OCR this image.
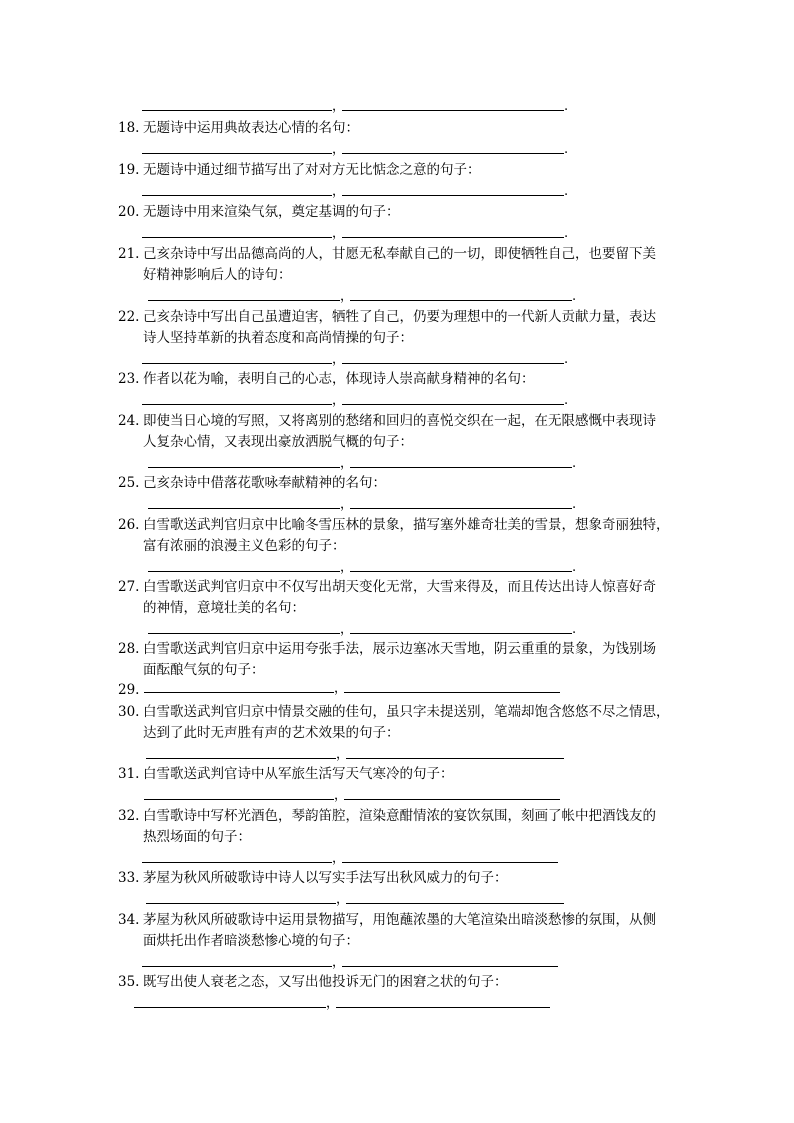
，	.
18. 无题诗中运用典故表达心情的名句：
，	.
19. 无题诗中通过细节描写出了对对方无比惦念之意的句子：
，	.
20. 无题诗中用来渲染气氛，奠定基调的句子：
，	.
21. 己亥杂诗中写出品德高尚的人，甘愿无私奉献自己的一切，即使牺牲自己，也要留下美
好精神影响后人的诗句：
，	.
22. 己亥杂诗中写出自己虽遭迫害，牺牲了自己，仍要为理想中的一代新人贡献力量，表达
诗人坚持革新的执着态度和高尚情操的句子：
，	.
23. 作者以花为喻，表明自己的心志，体现诗人崇高献身精神的名句：
，	.
24. 即使当日心境的写照，又将离别的愁绪和回归的喜悦交织在一起，在无限感慨中表现诗
人复杂心情，又表现出豪放洒脱气概的句子：
，	.
25. 己亥杂诗中借落花歌咏奉献精神的名句：
，	.
26. 白雪歌送武判官归京中比喻冬雪压林的景象，描写塞外雄奇壮美的雪景，想象奇丽独特，
富有浓丽的浪漫主义色彩的句子：
，	.
27. 白雪歌送武判官归京中不仅写出胡天变化无常，大雪来得及，而且传达出诗人惊喜好奇
的神情，意境壮美的名句：
，	.
28. 白雪歌送武判官归京中运用夸张手法，展示边塞冰天雪地，阴云重重的景象，为饯别场
面酝酿气氛的句子：
29.	，
30. 白雪歌送武判官归京中情景交融的佳句，虽只字未提送别，笔端却饱含悠悠不尽之情思，
达到了此时无声胜有声的艺术效果的句子：
，
31. 白雪歌送武判官诗中从军旅生活写天气寒冷的句子：
，
32. 白雪歌诗中写杯光酒色，琴韵笛腔，渲染意酣情浓的宴饮氛围，刻画了帐中把酒饯友的
热烈场面的句子：
，
33. 茅屋为秋风所破歌诗中诗人以写实手法写出秋风威力的句子：
，
34. 茅屋为秋风所破歌诗中运用景物描写，用饱蘸浓墨的大笔渲染出暗淡愁惨的氛围，从侧
面烘托出作者暗淡愁惨心境的句子：
，
35. 既写出使人衰老之态，又写出他投诉无门的困窘之状的句子：
，
